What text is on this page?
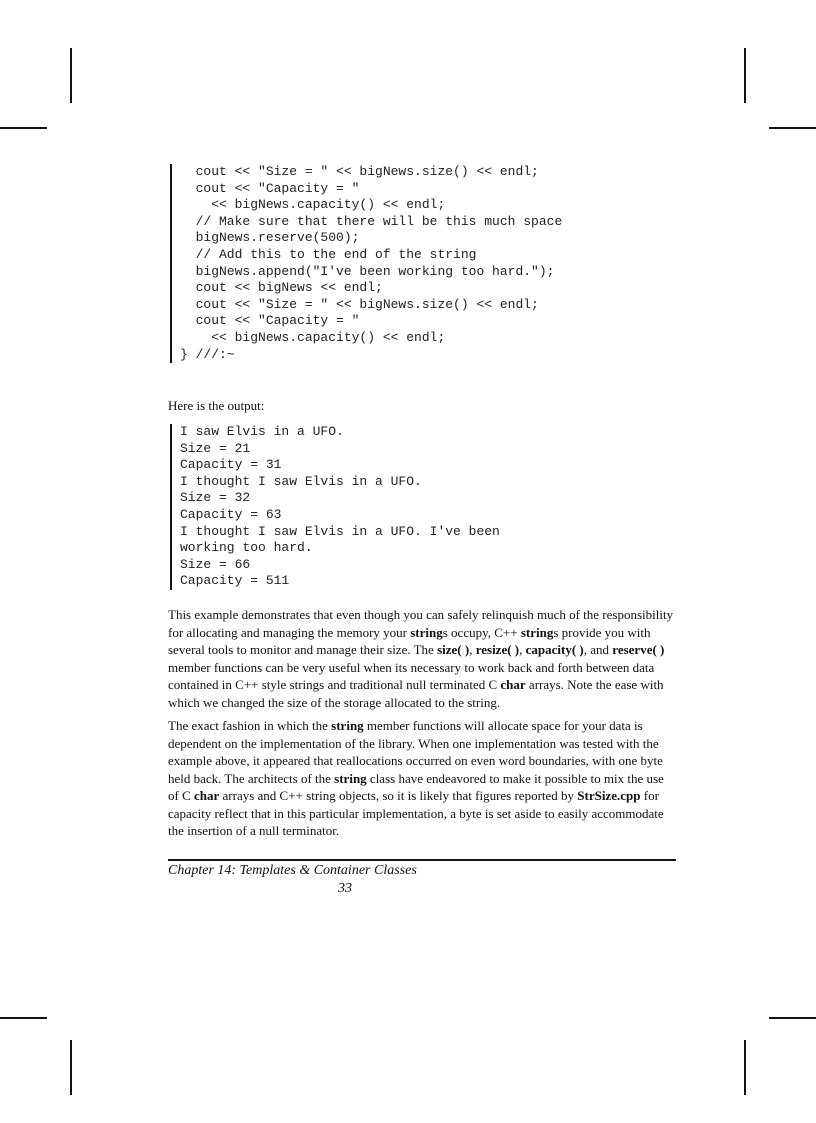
cout << "Size = " << bigNews.size() << endl;
cout << "Capacity = "
<< bigNews.capacity() << endl;
// Make sure that there will be this much space
bigNews.reserve(500);
// Add this to the end of the string
bigNews.append("I've been working too hard.");
cout << bigNews << endl;
cout << "Size = " << bigNews.size() << endl;
cout << "Capacity = "
<< bigNews.capacity() << endl;
} ///:~
Here is the output:
I saw Elvis in a UFO.
Size = 21
Capacity = 31
I thought I saw Elvis in a UFO.
Size = 32
Capacity = 63
I thought I saw Elvis in a UFO. I've been
working too hard.
Size = 66
Capacity = 511
This example demonstrates that even though you can safely relinquish much of the responsibility for allocating and managing the memory your strings occupy, C++ strings provide you with several tools to monitor and manage their size. The size( ), resize( ), capacity( ), and reserve( ) member functions can be very useful when its necessary to work back and forth between data contained in C++ style strings and traditional null terminated C char arrays. Note the ease with which we changed the size of the storage allocated to the string.
The exact fashion in which the string member functions will allocate space for your data is dependent on the implementation of the library. When one implementation was tested with the example above, it appeared that reallocations occurred on even word boundaries, with one byte held back. The architects of the string class have endeavored to make it possible to mix the use of C char arrays and C++ string objects, so it is likely that figures reported by StrSize.cpp for capacity reflect that in this particular implementation, a byte is set aside to easily accommodate the insertion of a null terminator.
Chapter 14: Templates & Container Classes
33
